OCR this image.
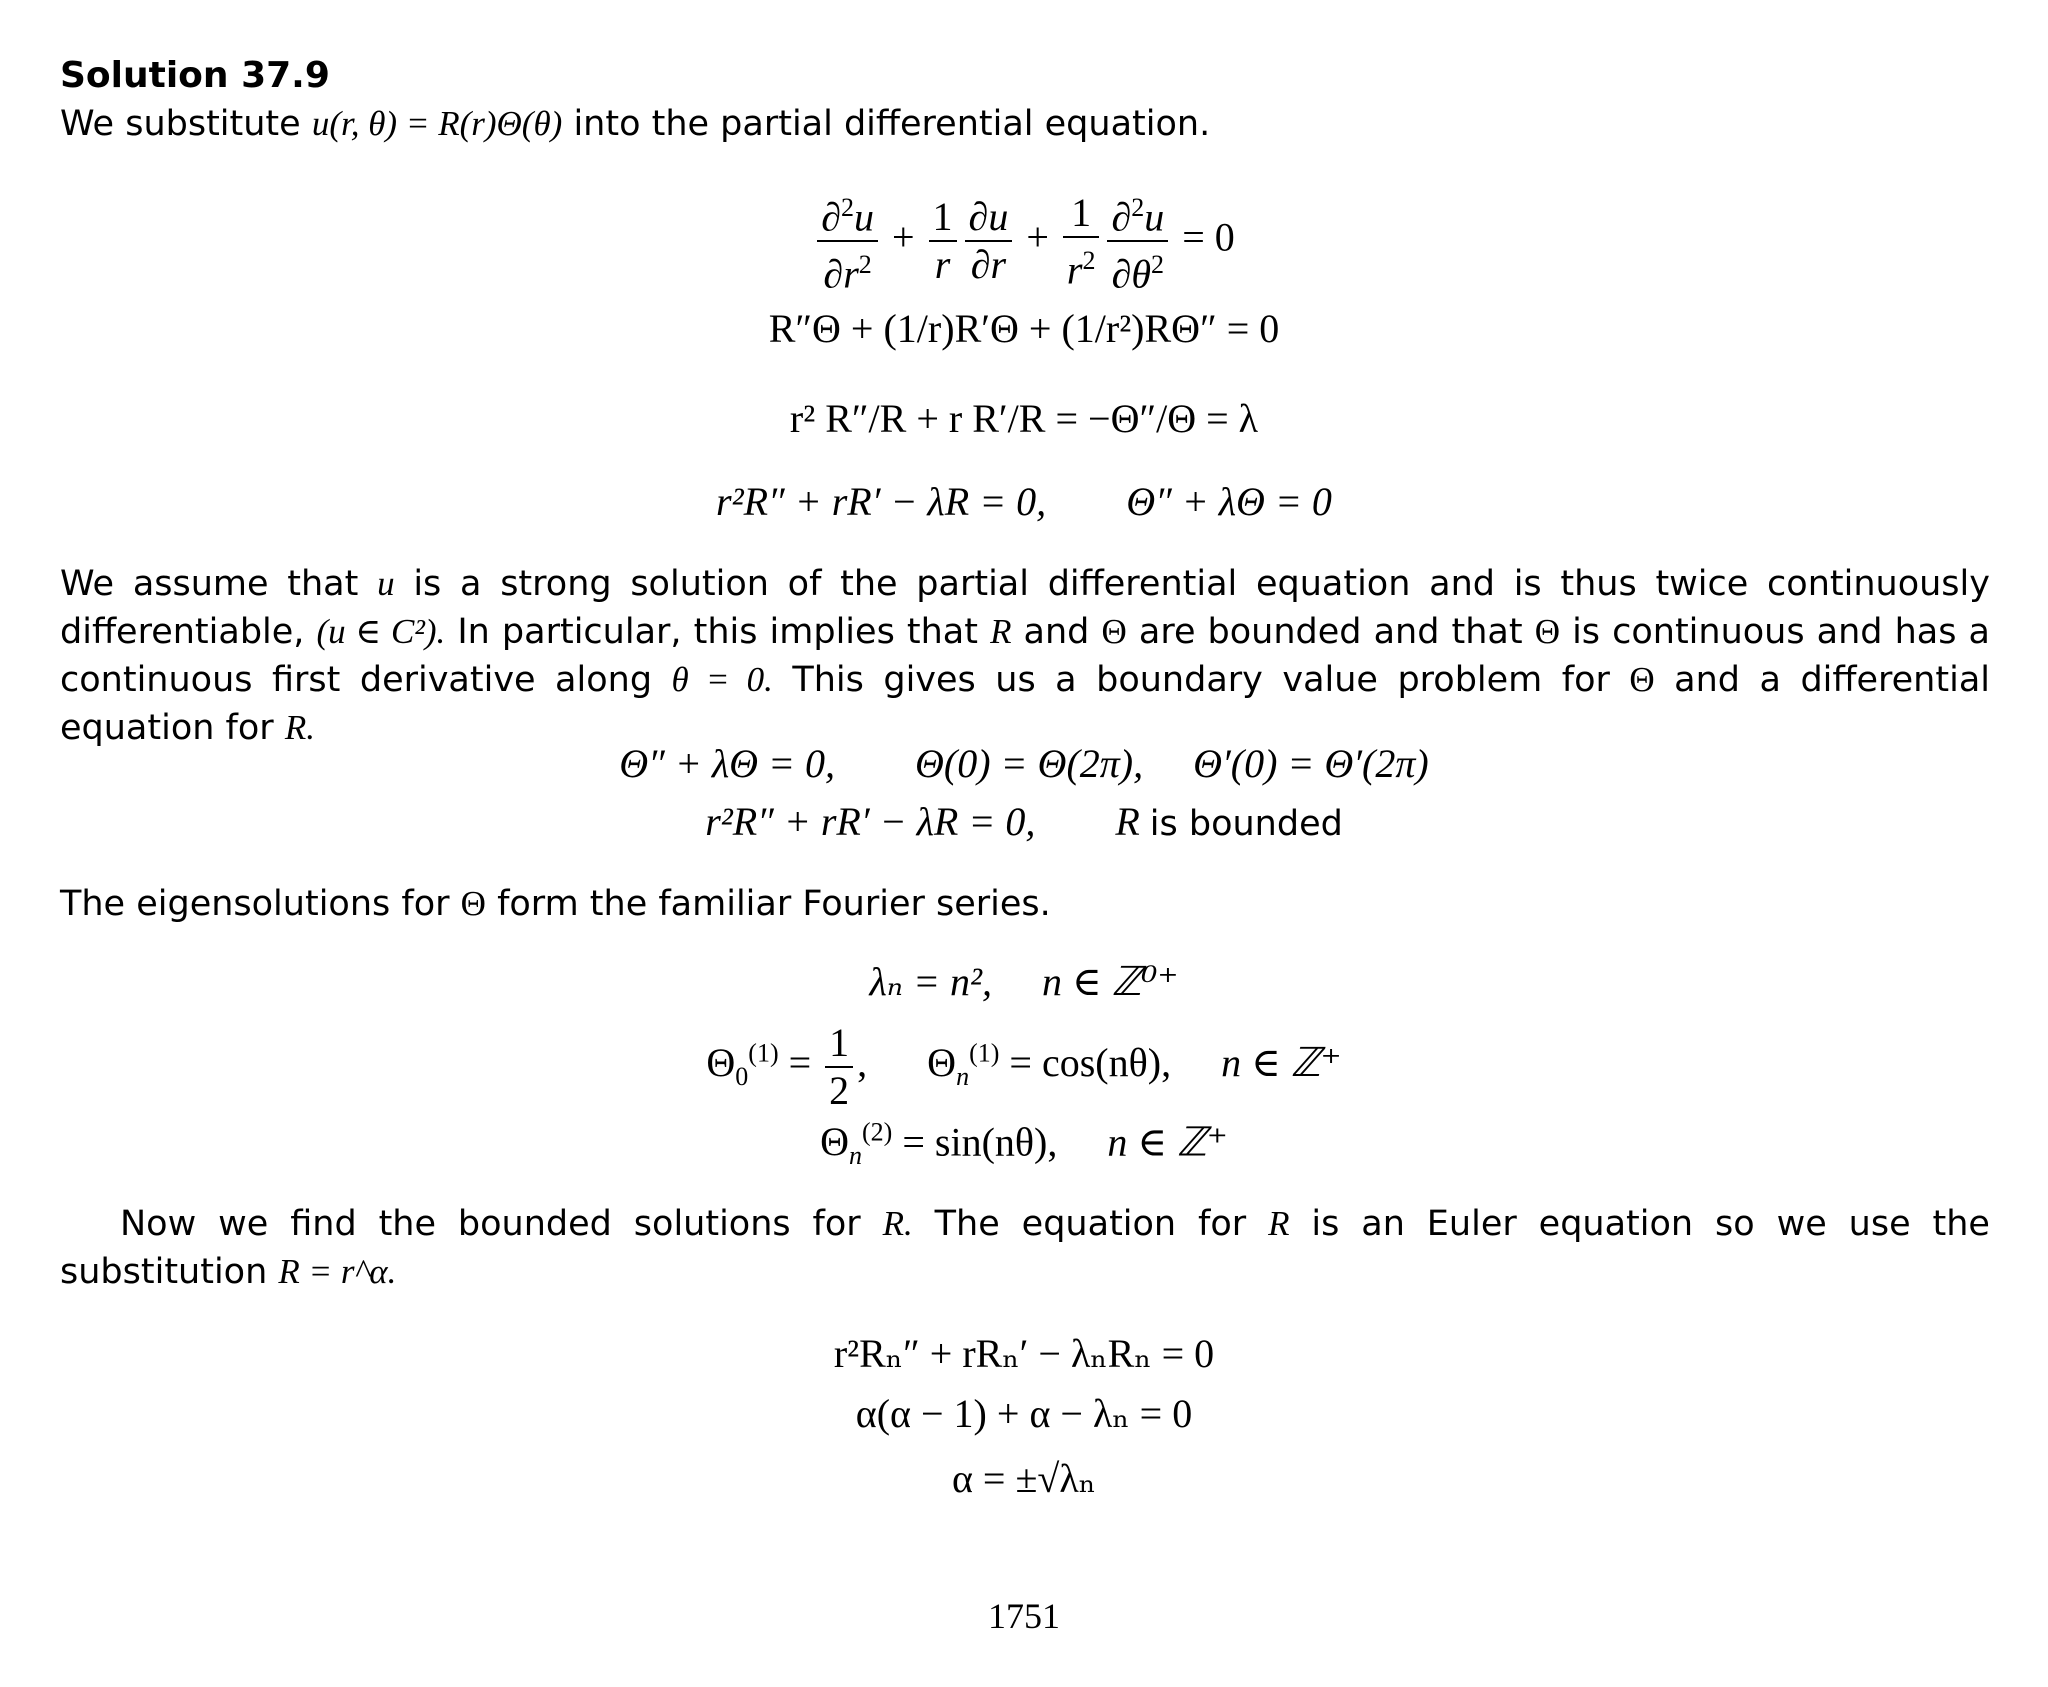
Solution 37.9
We substitute u(r, θ) = R(r)Θ(θ) into the partial differential equation.
$\frac{\partial^2u}{\partial r^2} + \frac{1}{r} \frac{\partial u}{\partial r} + \frac{1}{r^2} \frac{\partial^2u}{\partial\theta^2} = 0$
R″Θ + (1/r)R′Θ + (1/r²)RΘ″ = 0
r² R″/R + r R′/R = −Θ″/Θ = λ
r²R″ + rR′ − λR = 0, Θ″ + λΘ = 0
We assume that u is a strong solution of the partial differential equation and is thus twice continuously differentiable, (u ∈ C²). In particular, this implies that R and Θ are bounded and that Θ is continuous and has a continuous first derivative along θ = 0. This gives us a boundary value problem for Θ and a differential equation for R.
Θ″ + λΘ = 0, Θ(0) = Θ(2π), Θ′(0) = Θ′(2π)
r²R″ + rR′ − λR = 0, R is bounded
The eigensolutions for Θ form the familiar Fourier series.
λₙ = n², n ∈ ℤ⁰⁺
$\Theta_0^{(1)} = \frac{1}{2}$ , $\Theta_n^{(1)} = \cos(n\theta)$, n ∈ ℤ⁺
$\Theta_n^{(2)} = \sin(n\theta)$, n ∈ ℤ⁺
Now we find the bounded solutions for R. The equation for R is an Euler equation so we use the substitution R = r^α.
r²Rₙ″ + rRₙ′ − λₙRₙ = 0
α(α − 1) + α − λₙ = 0
α = ±√λₙ
1751
